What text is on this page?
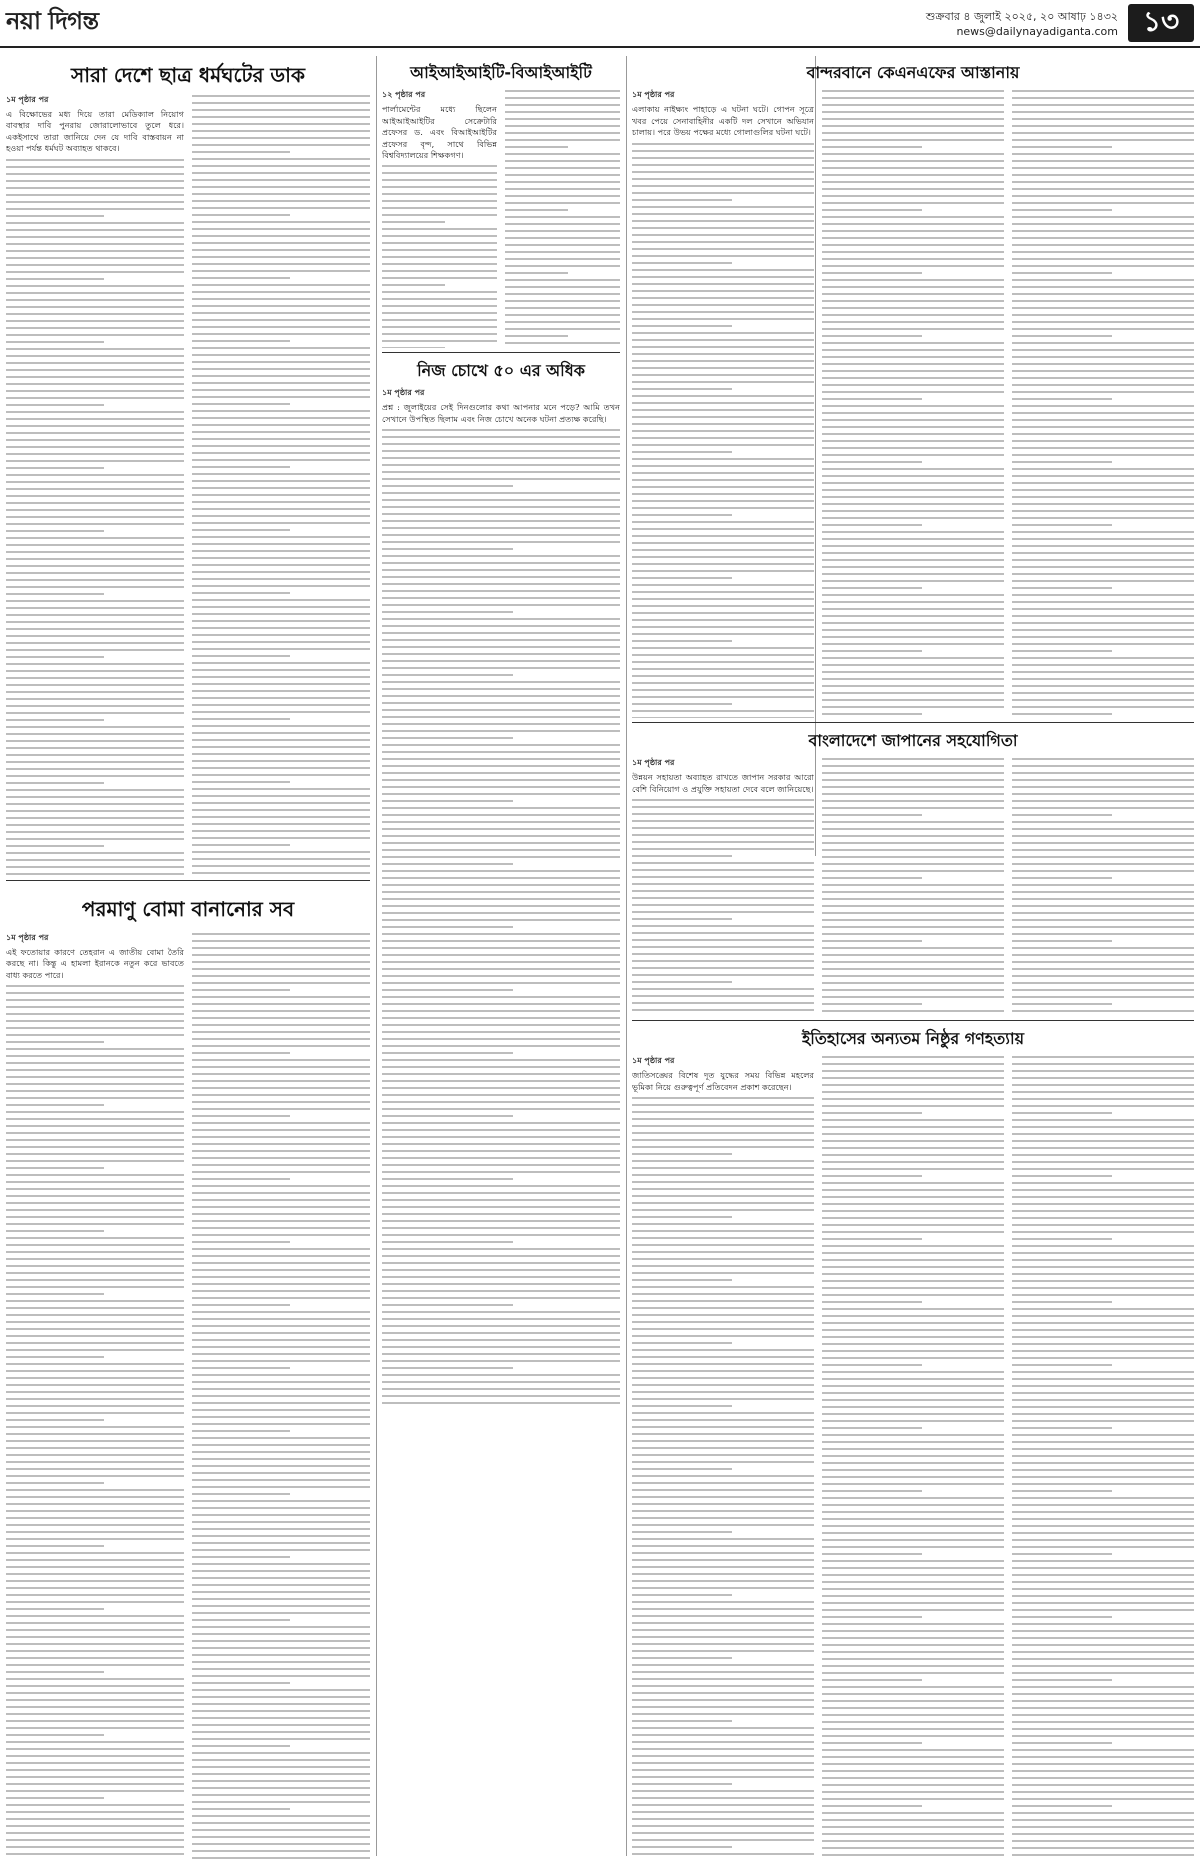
নয়া দিগন্ত	শুক্রবার ৪ জুলাই ২০২৫, ২০ আষাঢ় ১৪৩২
news@dailynayadiganta.com ১৩
সারা দেশে ছাত্র ধর্মঘটের ডাক
১ম পৃষ্ঠার পর
এ বিক্ষোভের মধ্য দিয়ে তারা মেডিক্যাল নিয়োগ বাবস্থার দাবি পুনরায় জোরালোভাবে তুলে ধরে। একইসাথে তারা জানিয়ে দেন যে দাবি বাস্তবায়ন না হওয়া পর্যন্ত ধর্মঘট অব্যাহত থাকবে।
পরমাণু বোমা বানানোর সব
১ম পৃষ্ঠার পর
এই ফতোয়ার কারণে তেহরান এ জাতীয় বোমা তৈরি করছে না। কিন্তু এ হামলা ইরানকে নতুন করে ভাবতে বাধ্য করতে পারে।
আইআইআইটি-বিআইআইটি
১২ পৃষ্ঠার পর
পার্লামেন্টের মধ্যে ছিলেন আইআইআইটির সেক্রেটারি প্রফেসর ড. এবং বিআইআইটির প্রফেসর বৃন্দ, সাথে বিভিন্ন বিশ্ববিদ্যালয়ের শিক্ষকগণ।
নিজ চোখে ৫০ এর অধিক
১ম পৃষ্ঠার পর
প্রশ্ন : জুলাইয়ের সেই দিনগুলোর কথা আপনার মনে পড়ে? আমি তখন সেখানে উপস্থিত ছিলাম এবং নিজ চোখে অনেক ঘটনা প্রত্যক্ষ করেছি।
বান্দরবানে কেএনএফের আস্তানায়
১ম পৃষ্ঠার পর
এলাকায় নাইক্ষ্যং পাহাড়ে এ ঘটনা ঘটে। গোপন সূত্রে খবর পেয়ে সেনাবাহিনীর একটি দল সেখানে অভিযান চালায়। পরে উভয় পক্ষের মধ্যে গোলাগুলির ঘটনা ঘটে।
বাংলাদেশে জাপানের সহযোগিতা
১ম পৃষ্ঠার পর
উন্নয়ন সহায়তা অব্যাহত রাখতে জাপান সরকার আরো বেশি বিনিয়োগ ও প্রযুক্তি সহায়তা দেবে বলে জানিয়েছে।
ইতিহাসের অন্যতম নিষ্ঠুর গণহত্যায়
১ম পৃষ্ঠার পর
জাতিসঙ্ঘের বিশেষ দূত যুদ্ধের সময় বিভিন্ন মহলের ভূমিকা নিয়ে গুরুত্বপূর্ণ প্রতিবেদন প্রকাশ করেছেন।
